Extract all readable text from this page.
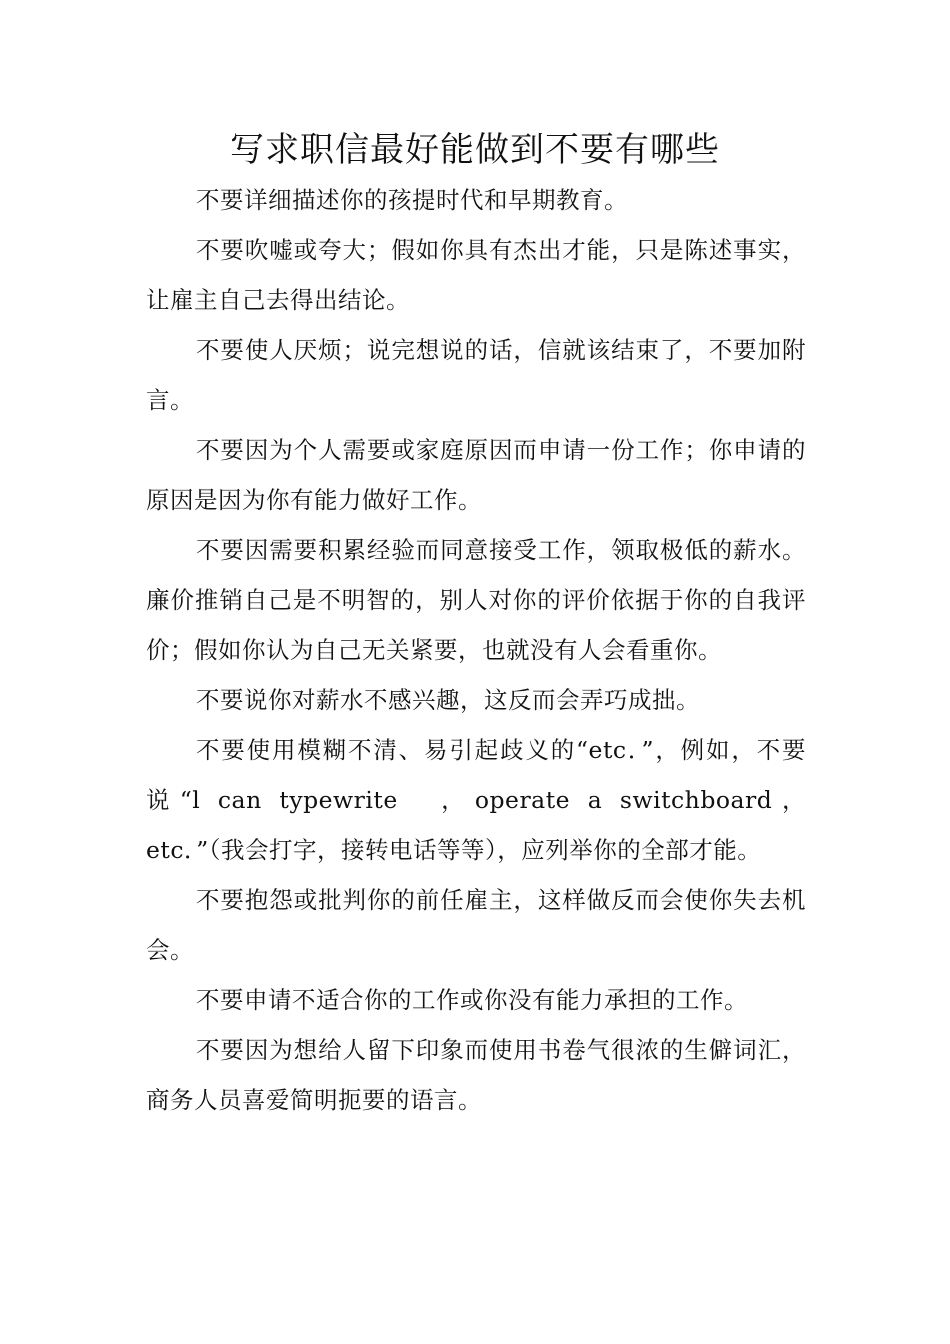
写求职信最好能做到不要有哪些

不要详细描述你的孩提时代和早期教育。

不要吹嘘或夸大；假如你具有杰出才能，只是陈述事实，让雇主自己去得出结论。

不要使人厌烦；说完想说的话，信就该结束了，不要加附言。

不要因为个人需要或家庭原因而申请一份工作；你申请的原因是因为你有能力做好工作。

不要因需要积累经验而同意接受工作，领取极低的薪水。廉价推销自己是不明智的，别人对你的评价依据于你的自我评价；假如你认为自己无关紧要，也就没有人会看重你。

不要说你对薪水不感兴趣，这反而会弄巧成拙。

不要使用模糊不清、易引起歧义的“etc．”，例如，不要说“l can typewrite　，operate a switchboard，etc．”（我会打字，接转电话等等），应列举你的全部才能。

不要抱怨或批判你的前任雇主，这样做反而会使你失去机会。

不要申请不适合你的工作或你没有能力承担的工作。

不要因为想给人留下印象而使用书卷气很浓的生僻词汇，商务人员喜爱简明扼要的语言。
